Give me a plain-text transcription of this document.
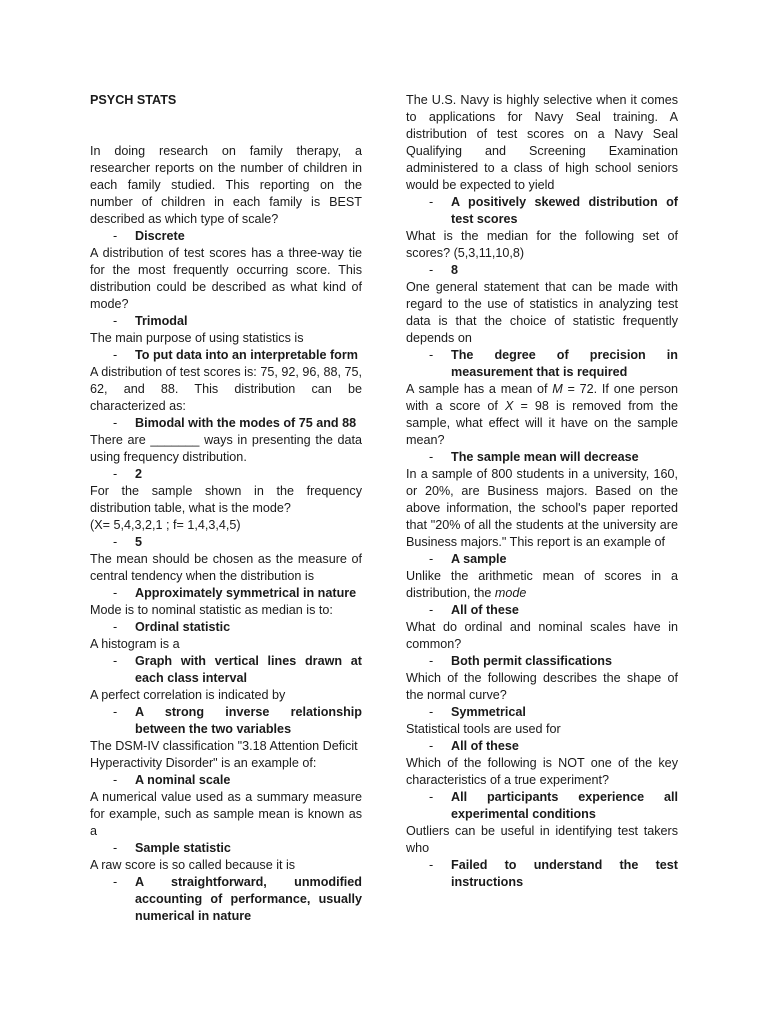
PSYCH STATS

In doing research on family therapy, a researcher reports on the number of children in each family studied. This reporting on the number of children in each family is BEST described as which type of scale?

-	Discrete

A distribution of test scores has a three-way tie for the most frequently occurring score. This distribution could be described as what kind of mode?

-	Trimodal

The main purpose of using statistics is

-	To put data into an interpretable form

A distribution of test scores is: 75, 92, 96, 88, 75, 62, and 88. This distribution can be characterized as:

-	Bimodal with the modes of 75 and 88

There are _______ ways in presenting the data using frequency distribution.

-	2

For the sample shown in the frequency distribution table, what is the mode?

(X= 5,4,3,2,1 ; f= 1,4,3,4,5)

-	5

The mean should be chosen as the measure of central tendency when the distribution is

-	Approximately symmetrical in nature

Mode is to nominal statistic as median is to:

-	Ordinal statistic

A histogram is a

-	Graph with vertical lines drawn at each class interval

A perfect correlation is indicated by

-	A strong inverse relationship between the two variables

The DSM-IV classification "3.18 Attention Deficit Hyperactivity Disorder" is an example of:

-	A nominal scale

A numerical value used as a summary measure for example, such as sample mean is known as a

-	Sample statistic

A raw score is so called because it is

-	A straightforward, unmodified accounting of performance, usually numerical in nature

The U.S. Navy is highly selective when it comes to applications for Navy Seal training. A distribution of test scores on a Navy Seal Qualifying and Screening Examination administered to a class of high school seniors would be expected to yield

-	A positively skewed distribution of test scores

What is the median for the following set of scores? (5,3,11,10,8)

-	8

One general statement that can be made with regard to the use of statistics in analyzing test data is that the choice of statistic frequently depends on

-	The degree of precision in measurement that is required

A sample has a mean of M = 72. If one person with a score of X = 98 is removed from the sample, what effect will it have on the sample mean?

-	The sample mean will decrease

In a sample of 800 students in a university, 160, or 20%, are Business majors. Based on the above information, the school's paper reported that "20% of all the students at the university are Business majors." This report is an example of

-	A sample

Unlike the arithmetic mean of scores in a distribution, the mode

-	All of these

What do ordinal and nominal scales have in common?

-	Both permit classifications

Which of the following describes the shape of the normal curve?

-	Symmetrical

Statistical tools are used for

-	All of these

Which of the following is NOT one of the key characteristics of a true experiment?

-	All participants experience all experimental conditions

Outliers can be useful in identifying test takers who

-	Failed to understand the test instructions
